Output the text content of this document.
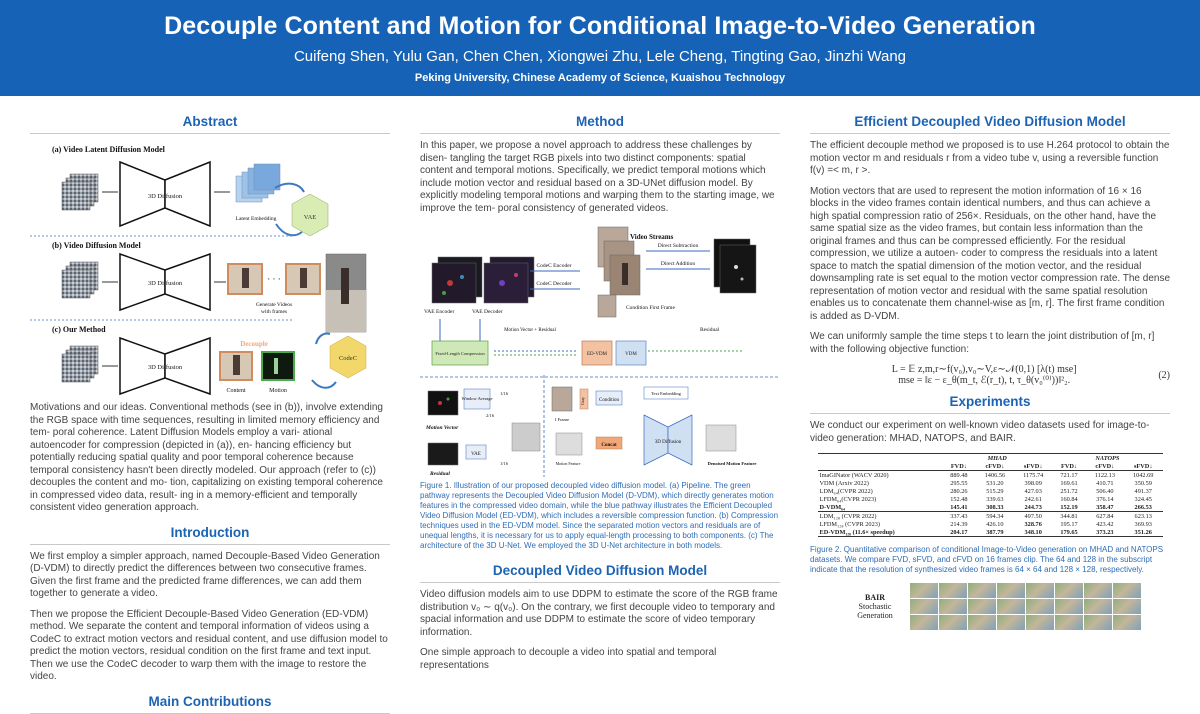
Decouple Content and Motion for Conditional Image-to-Video Generation
Cuifeng Shen, Yulu Gan, Chen Chen, Xiongwei Zhu, Lele Cheng, Tingting Gao, Jinzhi Wang
Peking University, Chinese Academy of Science, Kuaishou Technology
Abstract
(a) Video Latent Diffusion Model
3D Diffusion
Latent Embedding	VAE
(b) Video Diffusion Model
3D Diffusion	· · ·
Generate Videos
with frames
(c) Our Method
3D Diffusion
Decouple
Content	Motion
CodeC

Motivations and our ideas. Conventional methods (see in (b)), involve extending the RGB space with time sequences, resulting in limited memory efficiency and tem- poral coherence. Latent Diffusion Models employ a vari- ational autoencoder for compression (depicted in (a)), en- hancing efficiency but potentially reducing spatial quality and poor temporal coherence because temporal consistency hasn't been directly modeled. Our approach (refer to (c)) decouples the content and mo- tion, capitalizing on existing temporal coherence in compressed video data, result- ing in a memory-efficient and temporally consistent video generation approach.

Introduction

We first employ a simpler approach, named Decouple-Based Video Generation (D-VDM) to directly predict the differences between two consecutive frames. Given the first frame and the predicted frame differences, we can add them together to generate a video.

Then we propose the Efficient Decouple-Based Video Generation (ED-VDM) method. We separate the content and temporal information of videos using a CodeC to extract motion vectors and residual content, and use diffusion model to predict the motion vectors, residual condition on the first frame and text input. Then we use the CodeC decoder to warp them with the image to restore the video.

Main Contributions
Method

In this paper, we propose a novel approach to address these challenges by disen- tangling the target RGB pixels into two distinct components: spatial content and temporal motions. Specifically, we predict temporal motions which include motion vector and residual based on a 3D-UNet diffusion model. By explicitly modeling temporal motions and warping them to the starting image, we improve the tem- poral consistency of generated videos.

CodeC Encoder
CodeC Decoder
Video Streams
Direct Subtraction
Direct Addition
Condition First Frame
VAE Encoder	VAE Decoder
Motion Vector + Residual	Residual
Fixed-Length Compression	ED-VDM	VDM
Motion Vector
Window Average
1/16
2/16
Residual
VAE
1/16
I Frame
Gray	Condition
Text Embedding
Concat
Motion Feature
3D Diffusion
Denoised Motion Feature

Figure 1. Illustration of our proposed decoupled video diffusion model. (a) Pipeline. The green pathway represents the Decoupled Video Diffusion Model (D-VDM), which directly generates motion features in the compressed video domain, while the blue pathway illustrates the Efficient Decoupled Video Diffusion Model (ED-VDM), which includes a reversible compression function. (b) Compression techniques used in the ED-VDM model. Since the separated motion vectors and residuals are of unequal lengths, it is necessary for us to apply equal-length processing to both components. (c) The architecture of the 3D U-Net. We employed the 3D U-Net architecture in both models.

Decoupled Video Diffusion Model

Video diffusion models aim to use DDPM to estimate the score of the RGB frame distribution v₀ ∼ q(v₀). On the contrary, we first decouple video to temporary and spacial information and use DDPM to estimate the score of video temporary information.

One simple approach to decouple a video into spatial and temporal representations

Efficient Decoupled Video Diffusion Model

The efficient decouple method we proposed is to use H.264 protocol to obtain the motion vector m and residuals r from a video tube v, using a reversible function f(v) =< m, r >.

Motion vectors that are used to represent the motion information of 16 × 16 blocks in the video frames contain identical numbers, and thus can achieve a high spatial compression ratio of 256×. Residuals, on the other hand, have the same spatial size as the video frames, but contain less information than the original frames and thus can be compressed efficiently. For the residual compression, we utilize a autoen- coder to compress the residuals into a latent space to match the spatial dimension of the motion vector, and the residual downsampling rate is set equal to the motion vector compression rate. The dense representation of motion vector and residual with the same spatial resolution enables us to concatenate them channel-wise as [m, r]. The first frame condition is added as D-VDM.

We can uniformly sample the time steps t to learn the joint distribution of [m, r] with the following objective function:

L = 𝔼 z,m,r∼f(v₀),v₀∼V,ε∼𝒩(0,1) [λ(t) mse]
mse = ‖ε − ε_θ(m_t, ℰ(r_t), t, τ_θ(v₀⁽⁰⁾))‖²₂.	(2)
Experiments

We conduct our experiment on well-known video datasets used for image-to-video generation: MHAD, NATOPS, and BAIR.

	MHAD			NATOPS		
	FVD↓	cFVD↓	sFVD↓	FVD↓	cFVD↓	sFVD↓
ImaGINator (WACV 2020)	889.48	1406.56	1175.74	721.17	1122.13	1042.69
VDM (Arxiv 2022)	295.55	531.20	398.09	169.61	410.71	350.59
LDM₆₄(CVPR 2022)	280.26	515.29	427.03	251.72	506.40	491.37
LFDM₆₄(CVPR 2023)	152.48	339.63	242.61	160.84	376.14	324.45
D-VDM₆₄	145.41	308.33	244.73	152.19	358.47	266.53
LDM₁₂₈ (CVPR 2022)	337.43	594.34	497.50	344.81	627.84	623.13
LFDM₁₂₈ (CVPR 2023)	214.39	426.10	328.76	195.17	423.42	369.93
ED-VDM₁₂₈ (11.6× speedup)	204.17	387.79	348.10	179.65	373.23	351.26

Figure 2. Quantitative comparison of conditional Image-to-Video generation on MHAD and NATOPS datasets. We compare FVD, sFVD, and cFVD on 16 frames clip. The 64 and 128 in the subscript indicate that the resolution of synthesized video frames is 64 × 64 and 128 × 128, respectively.

BAIR
Stochastic Generation
